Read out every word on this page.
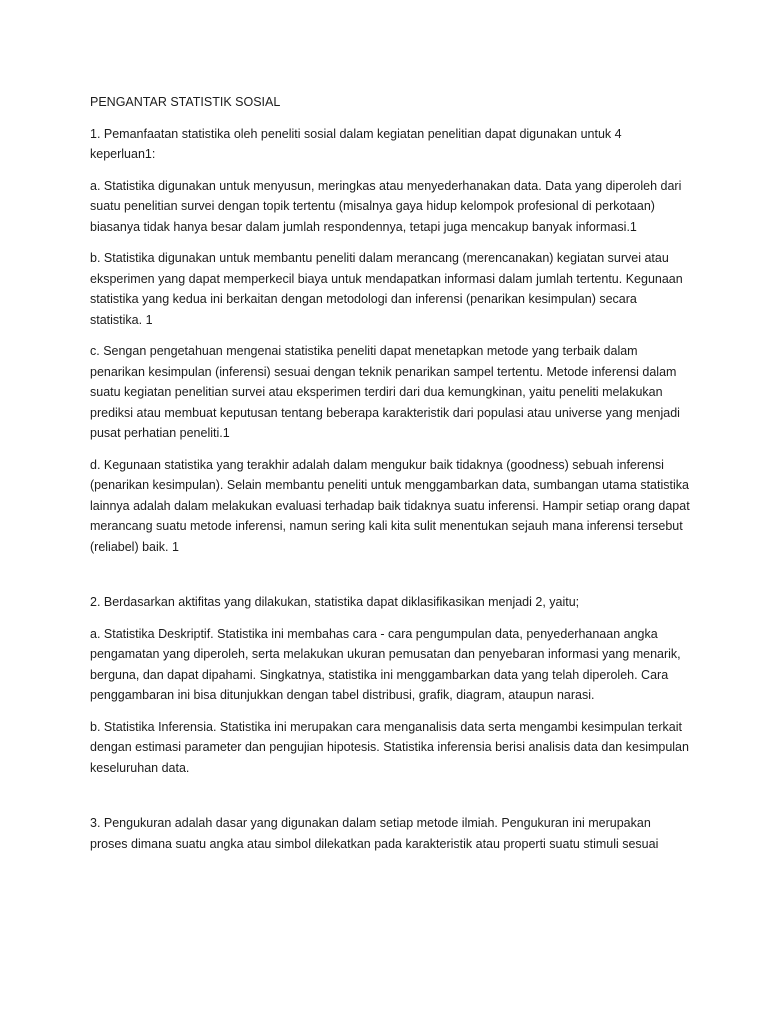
PENGANTAR STATISTIK SOSIAL

1. Pemanfaatan statistika oleh peneliti sosial dalam kegiatan penelitian dapat digunakan untuk 4 keperluan1:

a. Statistika digunakan untuk menyusun, meringkas atau menyederhanakan data. Data yang diperoleh dari suatu penelitian survei dengan topik tertentu (misalnya gaya hidup kelompok profesional di perkotaan) biasanya tidak hanya besar dalam jumlah respondennya, tetapi juga mencakup banyak informasi.1

b. Statistika digunakan untuk membantu peneliti dalam merancang (merencanakan) kegiatan survei atau eksperimen yang dapat memperkecil biaya untuk mendapatkan informasi dalam jumlah tertentu. Kegunaan statistika yang kedua ini berkaitan dengan metodologi dan inferensi (penarikan kesimpulan) secara statistika. 1

c. Sengan pengetahuan mengenai statistika peneliti dapat menetapkan metode yang terbaik dalam penarikan kesimpulan (inferensi) sesuai dengan teknik penarikan sampel tertentu. Metode inferensi dalam suatu kegiatan penelitian survei atau eksperimen terdiri dari dua kemungkinan, yaitu peneliti melakukan prediksi atau membuat keputusan tentang beberapa karakteristik dari populasi atau universe yang menjadi pusat perhatian peneliti.1

d. Kegunaan statistika yang terakhir adalah dalam mengukur baik tidaknya (goodness) sebuah inferensi (penarikan kesimpulan). Selain membantu peneliti untuk menggambarkan data, sumbangan utama statistika lainnya adalah dalam melakukan evaluasi terhadap baik tidaknya suatu inferensi. Hampir setiap orang dapat merancang suatu metode inferensi, namun sering kali kita sulit menentukan sejauh mana inferensi tersebut (reliabel) baik. 1

2. Berdasarkan aktifitas yang dilakukan, statistika dapat diklasifikasikan menjadi 2, yaitu;

a. Statistika Deskriptif. Statistika ini membahas cara - cara pengumpulan data, penyederhanaan angka pengamatan yang diperoleh, serta melakukan ukuran pemusatan dan penyebaran informasi yang menarik, berguna, dan dapat dipahami. Singkatnya, statistika ini menggambarkan data yang telah diperoleh. Cara penggambaran ini bisa ditunjukkan dengan tabel distribusi, grafik, diagram, ataupun narasi.

b. Statistika Inferensia. Statistika ini merupakan cara menganalisis data serta mengambi kesimpulan terkait dengan estimasi parameter dan pengujian hipotesis. Statistika inferensia berisi analisis data dan kesimpulan keseluruhan data.

3. Pengukuran adalah dasar yang digunakan dalam setiap metode ilmiah. Pengukuran ini merupakan proses dimana suatu angka atau simbol dilekatkan pada karakteristik atau properti suatu stimuli sesuai
